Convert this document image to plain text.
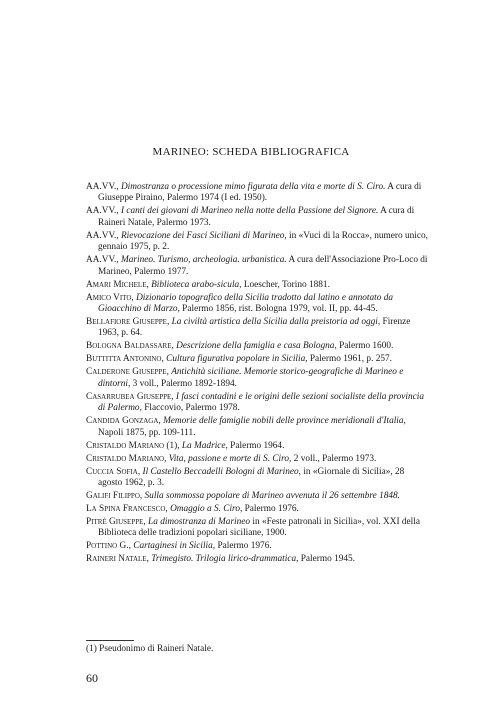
MARINEO: SCHEDA BIBLIOGRAFICA
AA.VV., Dimostranza o processione mimo figurata della vita e morte di S. Ciro. A cura di Giuseppe Piraino, Palermo 1974 (I ed. 1950).
AA.VV., I canti dei giovani di Marineo nella notte della Passione del Signore. A cura di Raineri Natale, Palermo 1973.
AA.VV., Rievocazione dei Fasci Siciliani di Marineo, in «Vuci di la Rocca», numero unico, gennaio 1975, p. 2.
AA.VV., Marineo. Turismo, archeologia. urbanistica. A cura dell'Associazione Pro-Loco di Marineo, Palermo 1977.
Amari Michele, Biblioteca arabo-sicula, Loescher, Torino 1881.
Amico Vito, Dizionario topografico della Sicilia tradotto dal latino e annotato da Gioacchino di Marzo, Palermo 1856, rist. Bologna 1979, vol. II, pp. 44-45.
Bellafiore Giuseppe, La civiltà artistica della Sicilia dalla preistoria ad oggi, Firenze 1963, p. 64.
Bologna Baldassare, Descrizione della famiglia e casa Bologna, Palermo 1600.
Buttitta Antonino, Cultura figurativa popolare in Sicilia, Palermo 1961, p. 257.
Calderone Giuseppe, Antichità siciliane. Memorie storico-geografiche di Marineo e dintorni, 3 voll., Palermo 1892-1894.
Casarrubea Giuseppe, I fasci contadini e le origini delle sezioni socialiste della provincia di Palermo, Flaccovio, Palermo 1978.
Candida Gonzaga, Memorie delle famiglie nobili delle province meridionali d'Italia, Napoli 1875, pp. 109-111.
Cristaldo Mariano (1), La Madrice, Palermo 1964.
Cristaldo Mariano, Vita, passione e morte di S. Ciro, 2 voll., Palermo 1973.
Cuccia Sofia, Il Castello Beccadelli Bologni di Marineo, in «Giornale di Sicilia», 28 agosto 1962, p. 3.
Galifi Filippo, Sulla sommossa popolare di Marineo avvenuta il 26 settembre 1848.
La Spina Francesco, Omaggio a S. Ciro, Palermo 1976.
Pitrè Giuseppe, La dimostranza di Marineo in «Feste patronali in Sicilia», vol. XXI della Biblioteca delle tradizioni popolari siciliane, 1900.
Pottino G., Cartaginesi in Sicilia, Palermo 1976.
Raineri Natale, Trimegisto. Trilogia lirico-drammatica, Palermo 1945.
(1) Pseudonimo di Raineri Natale.
60
